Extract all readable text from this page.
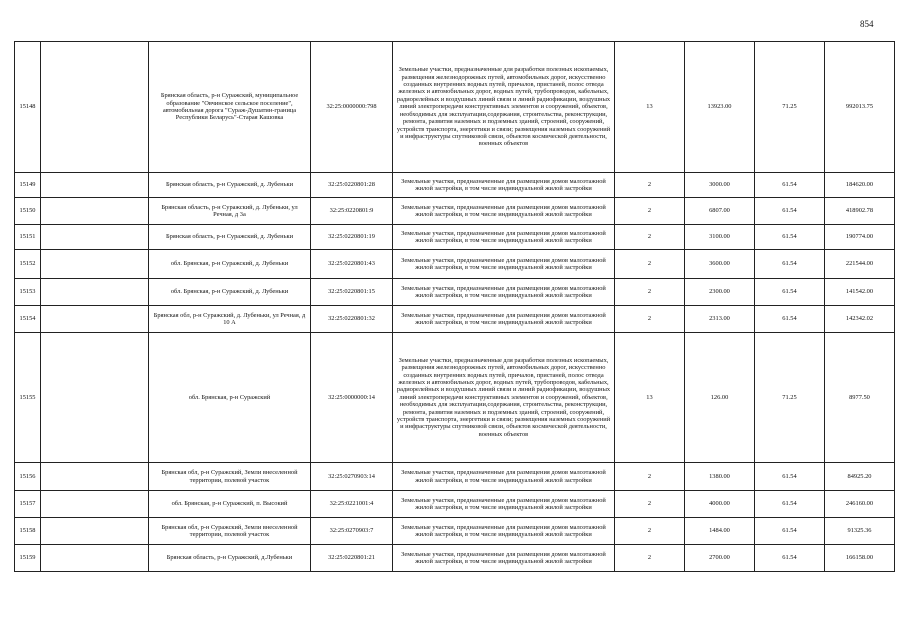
854
15148		Брянская область, р-н Суражский, муниципальное образование "Овчинское сельское поселение", автомобильная дорога "Сураж-Душатин-граница Республики Беларусь"-Старая Кашовка	32:25:0000000:798	Земельные участки, предназначенные для разработки полезных ископаемых, размещения железнодорожных путей, автомобильных дорог, искусственно созданных внутренних водных путей, причалов, пристаней, полос отвода железных и автомобильных дорог, водных путей, трубопроводов, кабельных, радиорелейных и воздушных линий связи и линий радиофикации, воздушных линий электропередачи конструктивных элементов и сооружений, объектов, необходимых для эксплуатации,содержания, строительства, реконструкции, ремонта, развития наземных и подземных зданий, строений, сооружений, устройств транспорта, энергетики и связи; размещения наземных сооружений и инфраструктуры спутниковой связи, объектов космической деятельности, военных объектов	13	13923.00	71.25	992013.75
15149		Брянская область, р-н Суражский, д. Лубеньки	32:25:0220801:28	Земельные участки, предназначенные для размещения домов малоэтажной жилой застройки, в том числе индивидуальной жилой застройки	2	3000.00	61.54	184620.00
15150		Брянская область, р-н Суражский, д. Лубеньки, ул Речная, д 3а	32:25:0220801:9	Земельные участки, предназначенные для размещения домов малоэтажной жилой застройки, в том числе индивидуальной жилой застройки	2	6807.00	61.54	418902.78
15151		Брянская область, р-н Суражский, д. Лубеньки	32:25:0220801:19	Земельные участки, предназначенные для размещения домов малоэтажной жилой застройки, в том числе индивидуальной жилой застройки	2	3100.00	61.54	190774.00
15152		обл. Брянская, р-н Суражский, д. Лубеньки	32:25:0220801:43	Земельные участки, предназначенные для размещения домов малоэтажной жилой застройки, в том числе индивидуальной жилой застройки	2	3600.00	61.54	221544.00
15153		обл. Брянская, р-н Суражский, д. Лубеньки	32:25:0220801:15	Земельные участки, предназначенные для размещения домов малоэтажной жилой застройки, в том числе индивидуальной жилой застройки	2	2300.00	61.54	141542.00
15154		Брянская обл, р-н Суражский, д. Лубеньки, ул Речная, д 10 А	32:25:0220801:32	Земельные участки, предназначенные для размещения домов малоэтажной жилой застройки, в том числе индивидуальной жилой застройки	2	2313.00	61.54	142342.02
15155		обл. Брянская, р-н Суражский	32:25:0000000:14	Земельные участки, предназначенные для разработки полезных ископаемых, размещения железнодорожных путей, автомобильных дорог, искусственно созданных внутренних водных путей, причалов, пристаней, полос отвода железных и автомобильных дорог, водных путей, трубопроводов, кабельных, радиорелейных и воздушных линий связи и линий радиофикации, воздушных линий электропередачи конструктивных элементов и сооружений, объектов, необходимых для эксплуатации,содержания, строительства, реконструкции, ремонта, развития наземных и подземных зданий, строений, сооружений, устройств транспорта, энергетики и связи; размещения наземных сооружений и инфраструктуры спутниковой связи, объектов космической деятельности, военных объектов	13	126.00	71.25	8977.50
15156		Брянская обл, р-н Суражский, Земли внеселенной территории, полевой участок	32:25:0270903:14	Земельные участки, предназначенные для размещения домов малоэтажной жилой застройки, в том числе индивидуальной жилой застройки	2	1380.00	61.54	84925.20
15157		обл. Брянская, р-н Суражский, п. Высокий	32:25:0221001:4	Земельные участки, предназначенные для размещения домов малоэтажной жилой застройки, в том числе индивидуальной жилой застройки	2	4000.00	61.54	246160.00
15158		Брянская обл, р-н Суражский, Земли внеселенной территории, полевой участок	32:25:0270903:7	Земельные участки, предназначенные для размещения домов малоэтажной жилой застройки, в том числе индивидуальной жилой застройки	2	1484.00	61.54	91325.36
15159		Брянская область, р-н Суражский, д.Лубеньки	32:25:0220801:21	Земельные участки, предназначенные для размещения домов малоэтажной жилой застройки, в том числе индивидуальной жилой застройки	2	2700.00	61.54	166158.00
